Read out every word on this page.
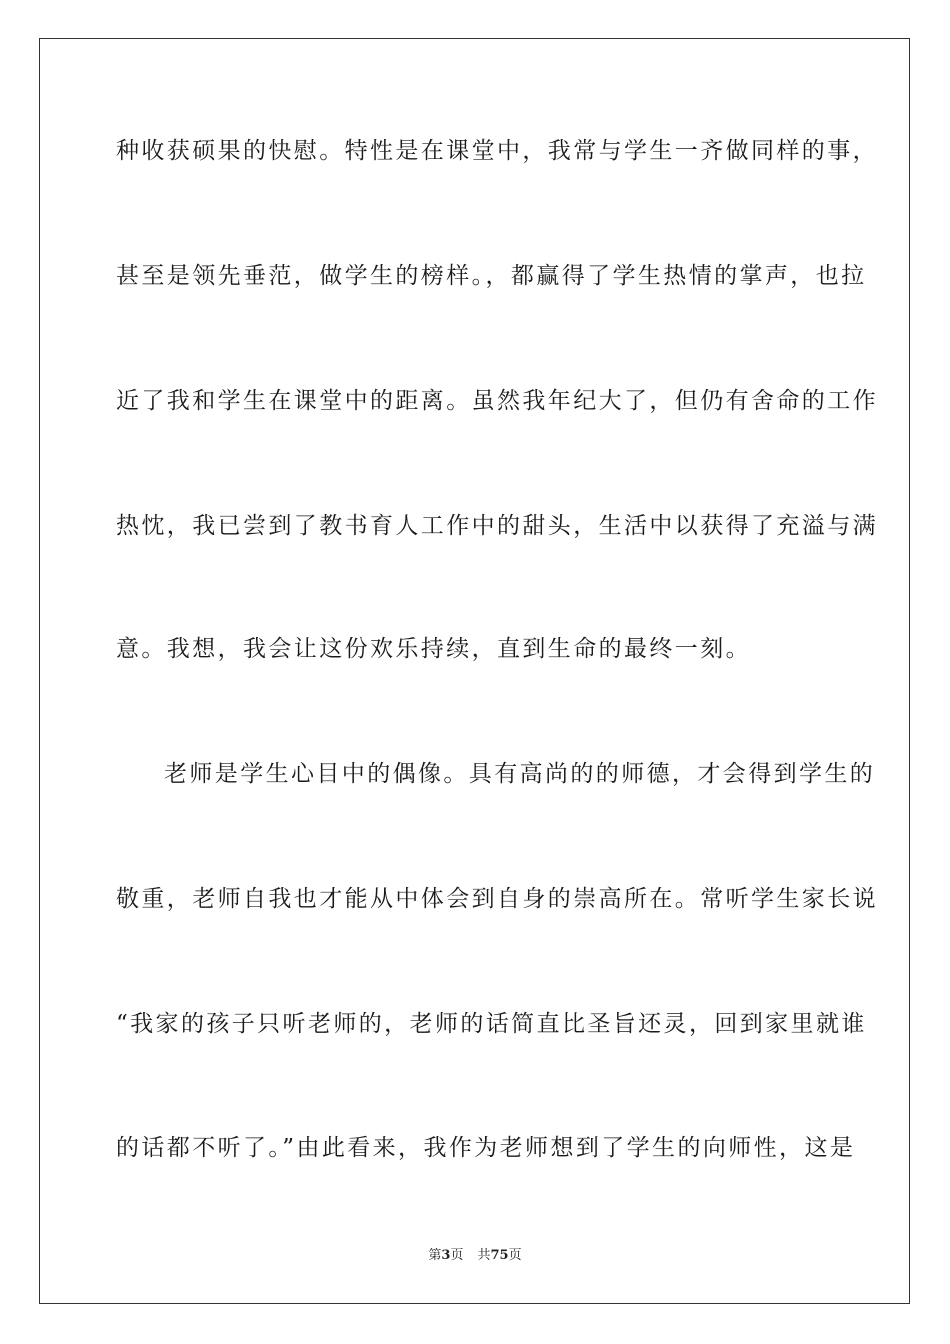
种收获硕果的快慰。特性是在课堂中，我常与学生一齐做同样的事，
甚至是领先垂范，做学生的榜样。，都赢得了学生热情的掌声，也拉
近了我和学生在课堂中的距离。虽然我年纪大了，但仍有舍命的工作
热忱，我已尝到了教书育人工作中的甜头，生活中以获得了充溢与满
意。我想，我会让这份欢乐持续，直到生命的最终一刻。
老师是学生心目中的偶像。具有高尚的的师德，才会得到学生的
敬重，老师自我也才能从中体会到自身的崇高所在。常听学生家长说
“我家的孩子只听老师的，老师的话简直比圣旨还灵，回到家里就谁
的话都不听了。”由此看来，我作为老师想到了学生的向师性，这是
第3页 共75页
